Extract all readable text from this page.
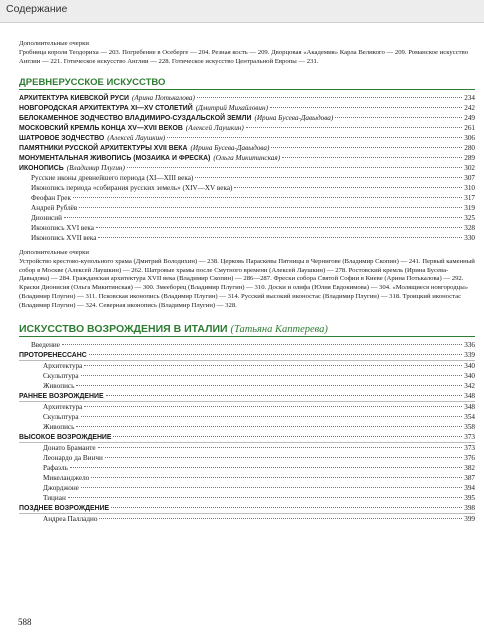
Содержание
Дополнительные очерки
Гробница короля Теодориха — 203. Погребение в Осеберге — 204. Резная кость — 209. Дворцовая «Академия» Карла Великого — 209. Романское искусство Англии — 221. Готическое искусство Англии — 228. Готическое искусство Центральной Европы — 231.
ДРЕВНЕРУССКОЕ ИСКУССТВО
АРХИТЕКТУРА КИЕВСКОЙ РУСИ (Арина Потькалова)	234
НОВГОРОДСКАЯ АРХИТЕКТУРА XI—XV СТОЛЕТИЙ (Дмитрий Михайловин)	242
БЕЛОКАМЕННОЕ ЗОДЧЕСТВО ВЛАДИМИРО-СУЗДАЛЬСКОЙ ЗЕМЛИ (Ирина Бусева-Давыдова)	249
МОСКОВСКИЙ КРЕМЛЬ КОНЦА XV—XVII ВЕКОВ (Алексей Лаушкин)	261
ШАТРОВОЕ ЗОДЧЕСТВО (Алексей Лаушкин)	306
ПАМЯТНИКИ РУССКОЙ АРХИТЕКТУРЫ XVII ВЕКА (Ирина Бусева-Давыдова)	280
МОНУМЕНТАЛЬНАЯ ЖИВОПИСЬ (МОЗАИКА И ФРЕСКА) (Ольга Микитинская)	289
ИКОНОПИСЬ (Владимир Плугин)	302
Русские иконы древнейшего периода (XI—XIII века)	307
Иконопись периода «собирания русских земель» (XIV—XV века)	310
Феофан Грек	317
Андрей Рублёв	319
Дионисий	325
Иконопись XVI века	328
Иконопись XVII века	330
Дополнительные очерки
Устройство крестово-купольного храма (Дмитрий Володихин) — 238. Церковь Параскевы Пятницы в Чернигове (Владимир Скопин) — 241. Первый каменный собор в Москве (Алексей Лаушкин) — 262. Шатровые храмы после Смутного времени (Алексей Лаушкин) — 278. Ростовский кремль (Ирина Бусева-Давыдова) — 284. Гражданская архитектура XVII века (Владимир Скопин) — 286—287. Фрески собора Святой Софии в Киеве (Арина Потькалова) — 292. Краски Дионисия (Ольга Микитинская) — 300. Змееборец (Владимир Плугин) — 310. Доски и олифа (Юлия Евдокимова) — 304. «Молящиеся новгородцы» (Владимир Плугин) — 311. Псковская иконопись (Владимир Плугин) — 314. Русский высокий иконостас (Владимир Плугин) — 318. Троицкий иконостас (Владимир Плугин) — 324. Северная иконопись (Владимир Плугин) — 328.
ИСКУССТВО ВОЗРОЖДЕНИЯ В ИТАЛИИ (Татьяна Каптерева)
Введение	336
ПРОТОРЕНЕССАНС	339
Архитектура	340
Скульптура	340
Живопись	342
РАННЕЕ ВОЗРОЖДЕНИЕ	348
Архитектура	348
Скульптура	354
Живопись	358
ВЫСОКОЕ ВОЗРОЖДЕНИЕ	373
Донато Браманте	373
Леонардо да Винчи	376
Рафаэль	382
Микеланджело	387
Джорджоне	394
Тициан	395
ПОЗДНЕЕ ВОЗРОЖДЕНИЕ	398
Андреа Палладио	399
588
